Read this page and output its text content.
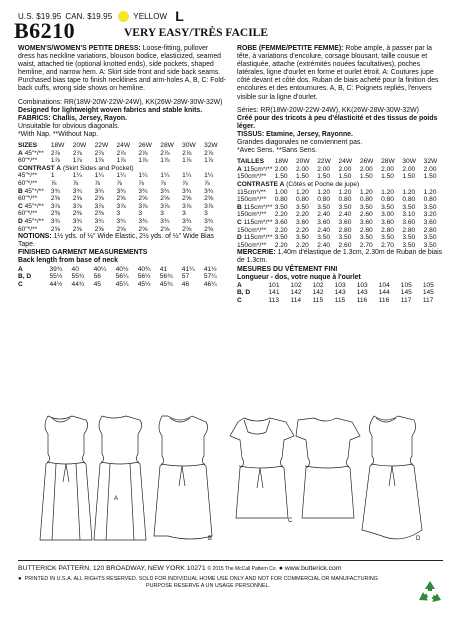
U.S. $19.95 CAN. $19.95	YELLOW L
B6210	VERY EASY/TRÈS FACILE

WOMEN'S/WOMEN'S PETITE DRESS: Loose-fitting, pullover dress has neckline variations, blouson bodice, elasticized, seamed waist, attached tie (optional knotted ends), side pockets, shaped hemline, and narrow hem. A: Skirt side front and side back seams. Purchased bias tape to finish necklines and arm-holes A, B, C: Fold-back cuffs, wrong side shows on hemline.

Combinations: RR(18W-20W-22W-24W), KK(26W-28W-30W-32W)

Designed for lightweight woven fabrics and stable knits.

FABRICS: Challis, Jersey, Rayon.

Unsuitable for obvious diagonals.

*With Nap. **Without Nap.

SIZES	18W	20W	22W	24W	26W	28W	30W	32W
A 45"*/**	2⅞	2⅞	2⅞	2⅞	2⅞	2⅞	2⅞	2⅞
60"*/**	1⅞	1⅞	1⅞	1⅞	1⅞	1⅞	1⅞	1⅞
CONTRAST A (Skirt Sides and Pocket)								
45"*/**	1	1¼	1¼	1¼	1¼	1¼	1¼	1¼
60"*/**	⅞	⅞	⅞	⅞	⅞	⅞	⅞	⅞
B 45"*/**	3¾	3¾	3¾	3¾	3¾	3¾	3¾	3¾
60"*/**	2⅝	2⅝	2⅝	2⅝	2⅝	2⅝	2⅝	2⅝
C 45"*/**	3⅞	3⅞	3⅞	3⅞	3⅞	3⅞	3⅞	3⅞
60"*/**	2⅜	2⅜	2⅜	3	3	3	3	3
D 45"*/**	3¾	3¾	3¾	3¾	3¾	3¾	3¾	3¾
60"*/**	2⅝	2⅝	2⅝	2⅝	2⅝	2⅝	2⅝	2⅝

NOTIONS: 1½ yds. of ½" Wide Elastic, 2½ yds. of ½" Wide Bias Tape.

FINISHED GARMENT MEASUREMENTS

Back length from base of neck

A	39¾	40	40¼	40½	40¾	41	41¼	41½
B, D	55½	55¾	56	56¼	56½	56¾	57	57¼
C	44½	44¾	45	45¼	45½	45¾	46	46¼

ROBE (FEMME/PETITE FEMME): Robe ample, à passer par la tête, à variations d'encolure, corsage blousant, taille cousue et élastiquée, attache (extrémités nouées facultatives), poches latérales, ligne d'ourlet en forme et ourlet étroit. A: Coutures jupe côté devant et côté dos. Ruban de biais acheté pour la finition des encolures et des entournures. A, B, C: Poignets repliés, l'envers visible sur la ligne d'ourlet.

Séries: RR(18W-20W-22W-24W), KK(26W-28W-30W-32W)

Créé pour des tricots à peu d'élasticité et des tissus de poids léger.

TISSUS: Etamine, Jersey, Rayonne.

Grandes diagonales ne conviennent pas.

*Avec Sens. **Sans Sens.

TAILLES	18W	20W	22W	24W	26W	28W	30W	32W
A 115cm*/**	2.00	2.00	2.00	2.00	2.00	2.00	2.00	2.00
150cm*/**	1.50	1.50	1.50	1.50	1.50	1.50	1.50	1.50
CONTRASTE A (Côtés et Poche de jupe)								
115cm*/**	1.00	1.20	1.20	1.20	1.20	1.20	1.20	1.20
150cm*/**	0.80	0.80	0.80	0.80	0.80	0.80	0.80	0.80
B 115cm*/**	3.50	3.50	3.50	3.50	3.50	3.50	3.50	3.50
150cm*/**	2.20	2.20	2.40	2.40	2.60	3.00	3.10	3.20
C 115cm*/**	3.60	3.60	3.60	3.60	3.60	3.60	3.60	3.60
150cm*/**	2.20	2.20	2.40	2.80	2.80	2.80	2.80	2.80
D 115cm*/**	3.50	3.50	3.50	3.50	3.50	3.50	3.50	3.50
150cm*/**	2.20	2.20	2.40	2.60	2.70	2.70	3.50	3.50

MERCERIE: 1.40m d'élastique de 1.3cm, 2.30m de Ruban de biais de 1.3cm.

MESURES DU VÊTEMENT FINI

Longueur - dos, votre nuque à l'ourlet

A	101	102	102	103	103	104	105	105
B, D	141	142	142	143	143	144	145	145
C	113	114	115	115	116	116	117	117
A
B
C
D
BUTTERICK PATTERN, 120 BROADWAY, NEW YORK 10271 © 2015 The McCall Pattern Co. ● www.butterick.com
● PRINTED IN U.S.A. ALL RIGHTS RESERVED. SOLD FOR INDIVIDUAL HOME USE ONLY AND NOT FOR COMMERCIAL OR MANUFACTURING
PURPOSE RESERVE A UN USAGE PERSONNEL.
